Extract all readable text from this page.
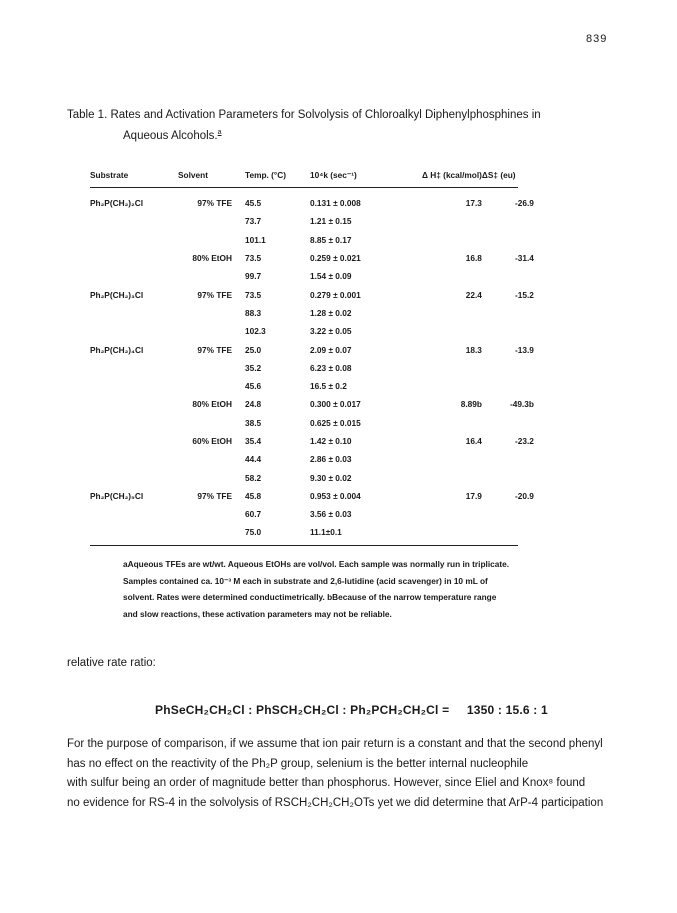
839
Table 1. Rates and Activation Parameters for Solvolysis of Chloroalkyl Diphenylphosphines in
Aqueous Alcohols.$^a$
Substrate	Solvent	Temp. (°C)	10⁴k (sec⁻¹)	Δ H‡ (kcal/mol)	ΔS‡ (eu)
Ph₂P(CH₂)₂Cl	97% TFE	45.5	0.131 ± 0.008	17.3	-26.9
		73.7	1.21 ± 0.15		
		101.1	8.85 ± 0.17		
	80% EtOH	73.5	0.259 ± 0.021	16.8	-31.4
		99.7	1.54 ± 0.09		
Ph₂P(CH₂)₃Cl	97% TFE	73.5	0.279 ± 0.001	22.4	-15.2
		88.3	1.28 ± 0.02		
		102.3	3.22 ± 0.05		
Ph₂P(CH₂)₄Cl	97% TFE	25.0	2.09 ± 0.07	18.3	-13.9
		35.2	6.23 ± 0.08		
		45.6	16.5 ± 0.2		
	80% EtOH	24.8	0.300 ± 0.017	8.89b	-49.3b
		38.5	0.625 ± 0.015		
	60% EtOH	35.4	1.42 ± 0.10	16.4	-23.2
		44.4	2.86 ± 0.03		
		58.2	9.30 ± 0.02		
Ph₂P(CH₂)₅Cl	97% TFE	45.8	0.953 ± 0.004	17.9	-20.9
		60.7	3.56 ± 0.03		
		75.0	11.1±0.1		

aAqueous TFEs are wt/wt. Aqueous EtOHs are vol/vol. Each sample was normally run in triplicate.

Samples contained ca. 10⁻³ M each in substrate and 2,6-lutidine (acid scavenger) in 10 mL of

solvent. Rates were determined conductimetrically. bBecause of the narrow temperature range

and slow reactions, these activation parameters may not be reliable.

relative rate ratio:
PhSeCH₂CH₂Cl : PhSCH₂CH₂Cl : Ph₂PCH₂CH₂Cl = 1350 : 15.6 : 1
For the purpose of comparison, if we assume that ion pair return is a constant and that the second phenyl
has no effect on the reactivity of the Ph₂P group, selenium is the better internal nucleophile
with sulfur being an order of magnitude better than phosphorus. However, since Eliel and Knox⁸ found
no evidence for RS-4 in the solvolysis of RSCH₂CH₂CH₂OTs yet we did determine that ArP-4 participation
